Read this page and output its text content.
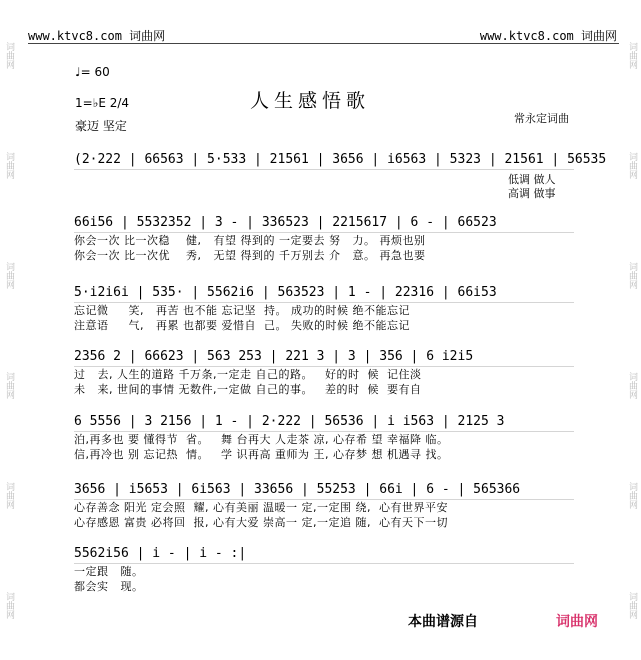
词曲网
词曲网
词曲网
词曲网
词曲网
词曲网
词曲网
词曲网
词曲网
词曲网
词曲网
词曲网
www.ktvc8.com 词曲网	www.ktvc8.com 词曲网
♩= 60
1=♭E 2/4
豪迈 坚定
人生感悟歌
常永定词曲
(2·222 | 66563 | 5·533 | 21561 | 3656 | i6563 | 5323 | 21561 | 56535
低调 做人
高调 做事
66i56 | 5532352 | 3 - | 336523 | 2215617 | 6 - | 66523
你会一次 比一次稳    健,   有望 得到的 一定要去 努   力。 再烦也别
你会一次 比一次优    秀,   无望 得到的 千万别去 介   意。 再急也要
5·i2i6i | 535· | 5562i6 | 563523 | 1 - | 22316 | 66i53
忘记微     笑,   再苦 也不能 忘记坚  持。 成功的时候 绝不能忘记
注意语     气,   再累 也都要 爱惜自  己。 失败的时候 绝不能忘记
2356 2 | 66623 | 563 253 | 221 3 | 3 | 356 | 6 i2i5
过   去, 人生的道路 千万条,一定走 自己的路。   好的时  候  记住淡
未   来, 世间的事情 无数件,一定做 自己的事。   差的时  候  要有自
6 5556 | 3 2156 | 1 - | 2·222 | 56536 | i i563 | 2125 3
泊,再多也 要 懂得节  省。   舞 台再大 人走茶 凉, 心存希 望 幸福降 临。
信,再冷也 别 忘记热  情。   学 识再高 重师为 王, 心存梦 想 机遇寻 找。
3656 | i5653 | 6i563 | 33656 | 55253 | 66i | 6 - | 565366
心存善念 阳光 定会照  耀, 心有美丽 温暖一 定,一定围 绕,  心有世界平安
心存感恩 富贵 必将回  报, 心有大爱 崇高一 定,一定追 随,  心有天下一切
5562i56 | i - | i - :|
一定跟   随。
都会实   现。
本曲谱源自	词曲网
